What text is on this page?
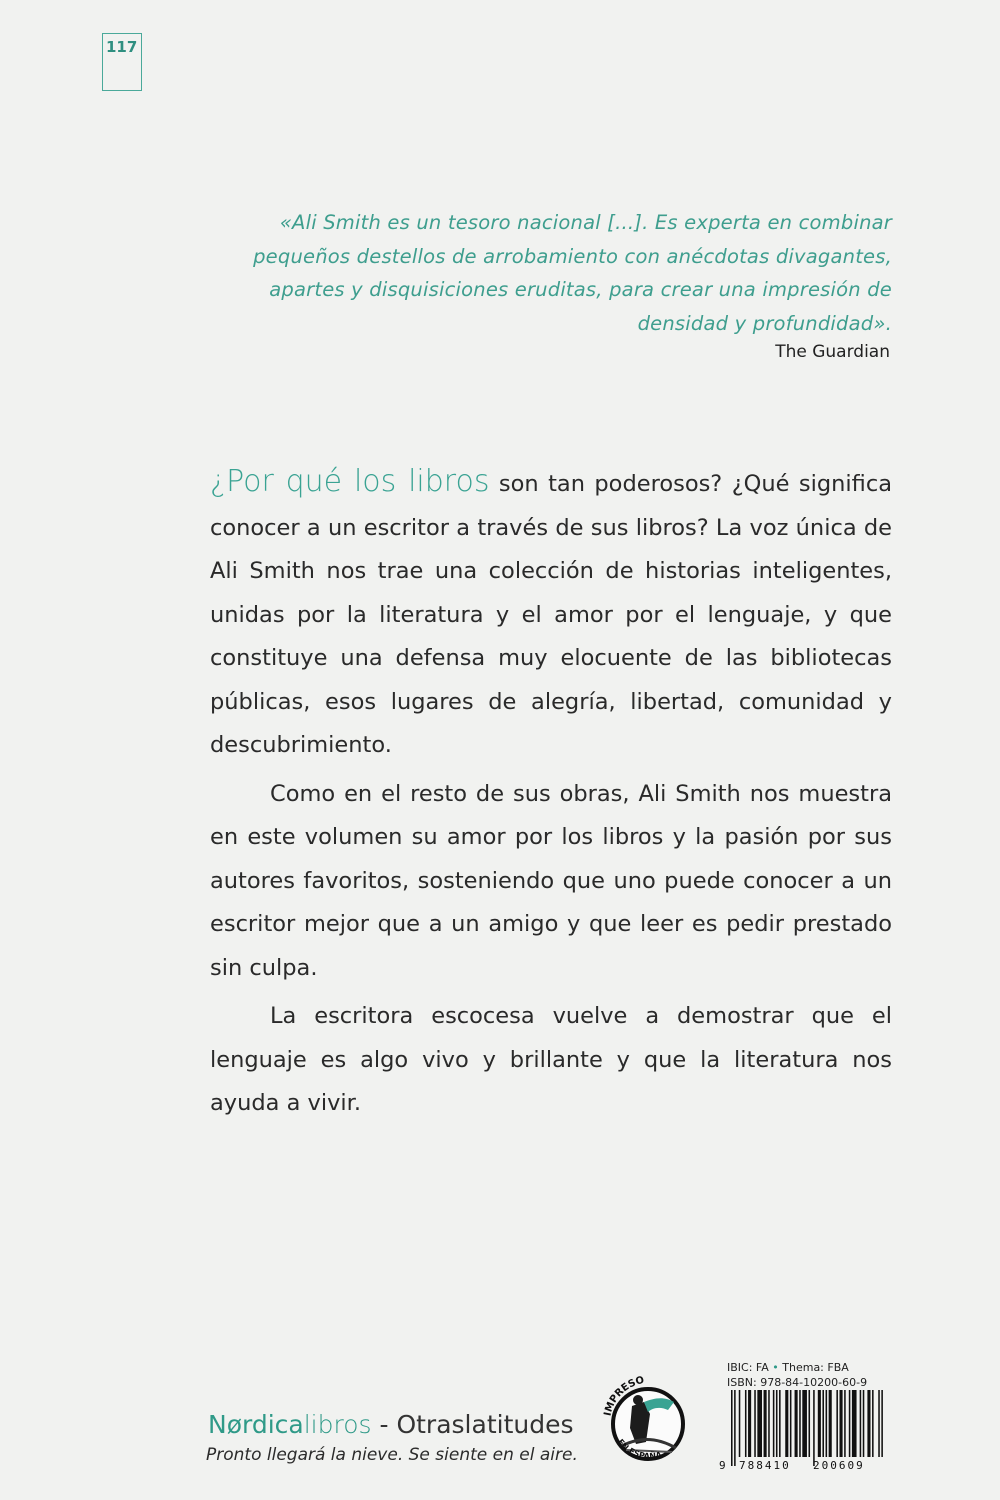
117
«Ali Smith es un tesoro nacional [...]. Es experta en combinar pequeños destellos de arrobamiento con anécdotas divagantes, apartes y disquisiciones eruditas, para crear una impresión de densidad y profundidad».
The Guardian

¿Por qué los libros son tan poderosos? ¿Qué significa conocer a un escritor a través de sus libros? La voz única de Ali Smith nos trae una colección de historias inteligentes, unidas por la literatura y el amor por el lenguaje, y que constituye una defensa muy elocuente de las bibliotecas públicas, esos lugares de alegría, libertad, comunidad y descubrimiento.

Como en el resto de sus obras, Ali Smith nos muestra en este volumen su amor por los libros y la pasión por sus autores favoritos, sosteniendo que uno puede conocer a un escritor mejor que a un amigo y que leer es pedir prestado sin culpa.

La escritora escocesa vuelve a demostrar que el lenguaje es algo vivo y brillante y que la literatura nos ayuda a vivir.

Nørdicalibros - Otraslatitudes
Pronto llegará la nieve. Se siente en el aire.
IMPRESO
EN ESPAÑA
IBIC: FA • Thema: FBA
ISBN: 978-84-10200-60-9
9 788410 200609
